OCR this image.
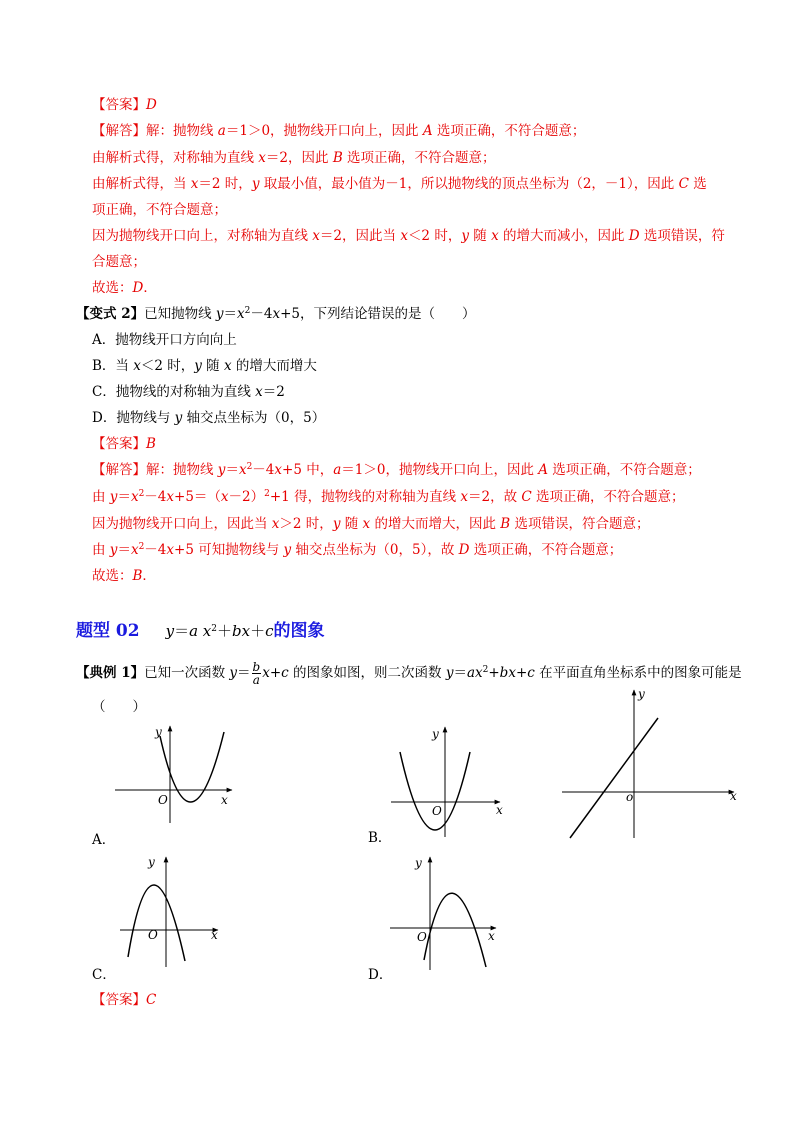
【答案】D
【解答】解：抛物线 a＝1＞0，抛物线开口向上，因此 A 选项正确，不符合题意；
由解析式得，对称轴为直线 x＝2，因此 B 选项正确，不符合题意；
由解析式得，当 x＝2 时，y 取最小值，最小值为－1，所以抛物线的顶点坐标为（2，－1），因此 C 选
项正确，不符合题意；
因为抛物线开口向上，对称轴为直线 x＝2，因此当 x＜2 时，y 随 x 的增大而减小，因此 D 选项错误，符
合题意；
故选：D．
【变式 2】已知抛物线 $y=x^2-4x+5$，下列结论错误的是（　　）
A．抛物线开口方向向上
B．当 x＜2 时，y 随 x 的增大而增大
C．抛物线的对称轴为直线 x＝2
D．抛物线与 y 轴交点坐标为（0，5）
【答案】B
【解答】解：抛物线 $y=x^2-4x+5$ 中，a＝1＞0，抛物线开口向上，因此 A 选项正确，不符合题意；
由 $y=x^2-4x+5=(x-2)^2+1$ 得，抛物线的对称轴为直线 x＝2，故 C 选项正确，不符合题意；
因为抛物线开口向上，因此当 x＞2 时，y 随 x 的增大而增大，因此 B 选项错误，符合题意；
由 $y=x^2-4x+5$ 可知抛物线与 y 轴交点坐标为（0，5），故 D 选项正确，不符合题意；
故选：B．
题型 02 y＝a $x^2+bx+c$的图象
【典例 1】已知一次函数 $y= \frac{b}{a} x+c$ 的图象如图，则二次函数 $y=ax^2+bx+c$ 在平面直角坐标系中的图象可能是
（　　）
x
y
O
A．
x
y
O
B．
x
y
o
x
y
O
C．
x
y
O
D．
【答案】C
